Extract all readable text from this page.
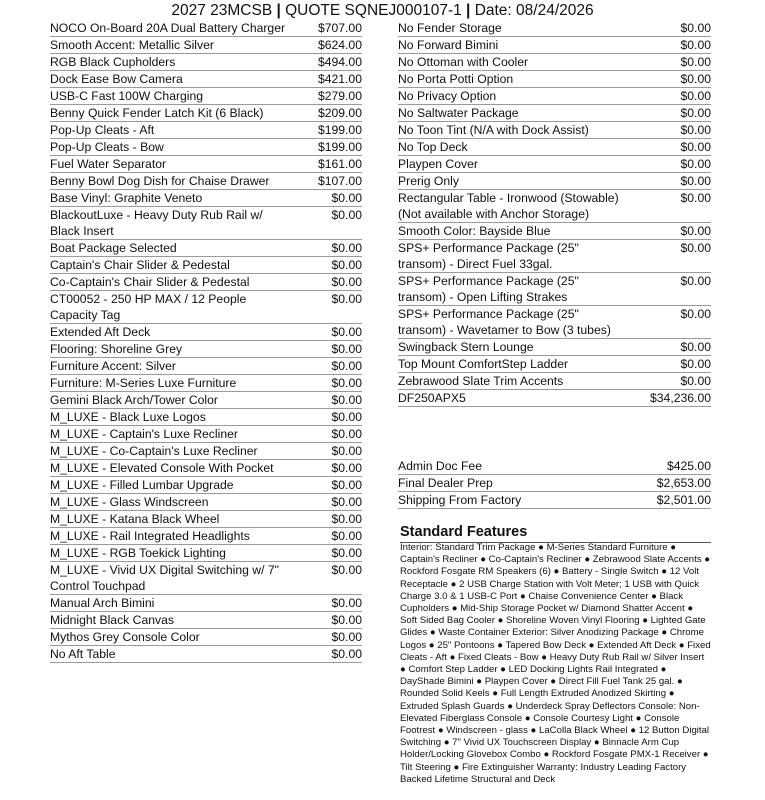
2027 23MCSB | QUOTE SQNEJ000107-1 | Date: 08/24/2026
NOCO On-Board 20A Dual Battery Charger	$707.00
Smooth Accent: Metallic Silver	$624.00
RGB Black Cupholders	$494.00
Dock Ease Bow Camera	$421.00
USB-C Fast 100W Charging	$279.00
Benny Quick Fender Latch Kit (6 Black)	$209.00
Pop-Up Cleats - Aft	$199.00
Pop-Up Cleats - Bow	$199.00
Fuel Water Separator	$161.00
Benny Bowl Dog Dish for Chaise Drawer	$107.00
Base Vinyl: Graphite Veneto	$0.00
BlackoutLuxe - Heavy Duty Rub Rail w/ Black Insert
$0.00
Boat Package Selected	$0.00
Captain's Chair Slider & Pedestal	$0.00
Co-Captain's Chair Slider & Pedestal	$0.00
CT00052 - 250 HP MAX / 12 People Capacity Tag
$0.00
Extended Aft Deck	$0.00
Flooring: Shoreline Grey	$0.00
Furniture Accent: Silver	$0.00
Furniture: M-Series Luxe Furniture	$0.00
Gemini Black Arch/Tower Color	$0.00
M_LUXE - Black Luxe Logos	$0.00
M_LUXE - Captain's Luxe Recliner	$0.00
M_LUXE - Co-Captain's Luxe Recliner	$0.00
M_LUXE - Elevated Console With Pocket	$0.00
M_LUXE - Filled Lumbar Upgrade	$0.00
M_LUXE - Glass Windscreen	$0.00
M_LUXE - Katana Black Wheel	$0.00
M_LUXE - Rail Integrated Headlights	$0.00
M_LUXE - RGB Toekick Lighting	$0.00
M_LUXE - Vivid UX Digital Switching w/ 7" Control Touchpad
$0.00
Manual Arch Bimini	$0.00
Midnight Black Canvas	$0.00
Mythos Grey Console Color	$0.00
No Aft Table	$0.00
No Fender Storage	$0.00
No Forward Bimini	$0.00
No Ottoman with Cooler	$0.00
No Porta Potti Option	$0.00
No Privacy Option	$0.00
No Saltwater Package	$0.00
No Toon Tint (N/A with Dock Assist)	$0.00
No Top Deck	$0.00
Playpen Cover	$0.00
Prerig Only	$0.00
Rectangular Table - Ironwood (Stowable) (Not available with Anchor Storage)
$0.00
Smooth Color: Bayside Blue	$0.00
SPS+ Performance Package (25" transom) - Direct Fuel 33gal.
$0.00
SPS+ Performance Package (25" transom) - Open Lifting Strakes
$0.00
SPS+ Performance Package (25" transom) - Wavetamer to Bow (3 tubes)
$0.00
Swingback Stern Lounge	$0.00
Top Mount ComfortStep Ladder	$0.00
Zebrawood Slate Trim Accents	$0.00
DF250APX5	$34,236.00
Admin Doc Fee	$425.00
Final Dealer Prep	$2,653.00
Shipping From Factory	$2,501.00
Standard Features
Interior: Standard Trim Package ● M-Series Standard Furniture ● Captain's Recliner ● Co-Captain's Recliner ● Zebrawood Slate Accents ● Rockford Fosgate RM Speakers (6) ● Battery - Single Switch ● 12 Volt Receptacle ● 2 USB Charge Station with Volt Meter; 1 USB with Quick Charge 3.0 & 1 USB-C Port ● Chaise Convenience Center ● Black Cupholders ● Mid-Ship Storage Pocket w/ Diamond Shatter Accent ● Soft Sided Bag Cooler ● Shoreline Woven Vinyl Flooring ● Lighted Gate Glides ● Waste Container Exterior: Silver Anodizing Package ● Chrome Logos ● 25" Pontoons ● Tapered Bow Deck ● Extended Aft Deck ● Fixed Cleats - Aft ● Fixed Cleats - Bow ● Heavy Duty Rub Rail w/ Silver Insert ● Comfort Step Ladder ● LED Docking Lights Rail Integrated ● DayShade Bimini ● Playpen Cover ● Direct Fill Fuel Tank 25 gal. ● Rounded Solid Keels ● Full Length Extruded Anodized Skirting ● Extruded Splash Guards ● Underdeck Spray Deflectors Console: Non-Elevated Fiberglass Console ● Console Courtesy Light ● Console Footrest ● Windscreen - glass ● LaColla Black Wheel ● 12 Button Digital Switching ● 7" Vivid UX Touchscreen Display ● Binnacle Arm Cup Holder/Locking Glovebox Combo ● Rockford Fosgate PMX-1 Receiver ● Tilt Steering ● Fire Extinguisher Warranty: Industry Leading Factory Backed Lifetime Structural and Deck
